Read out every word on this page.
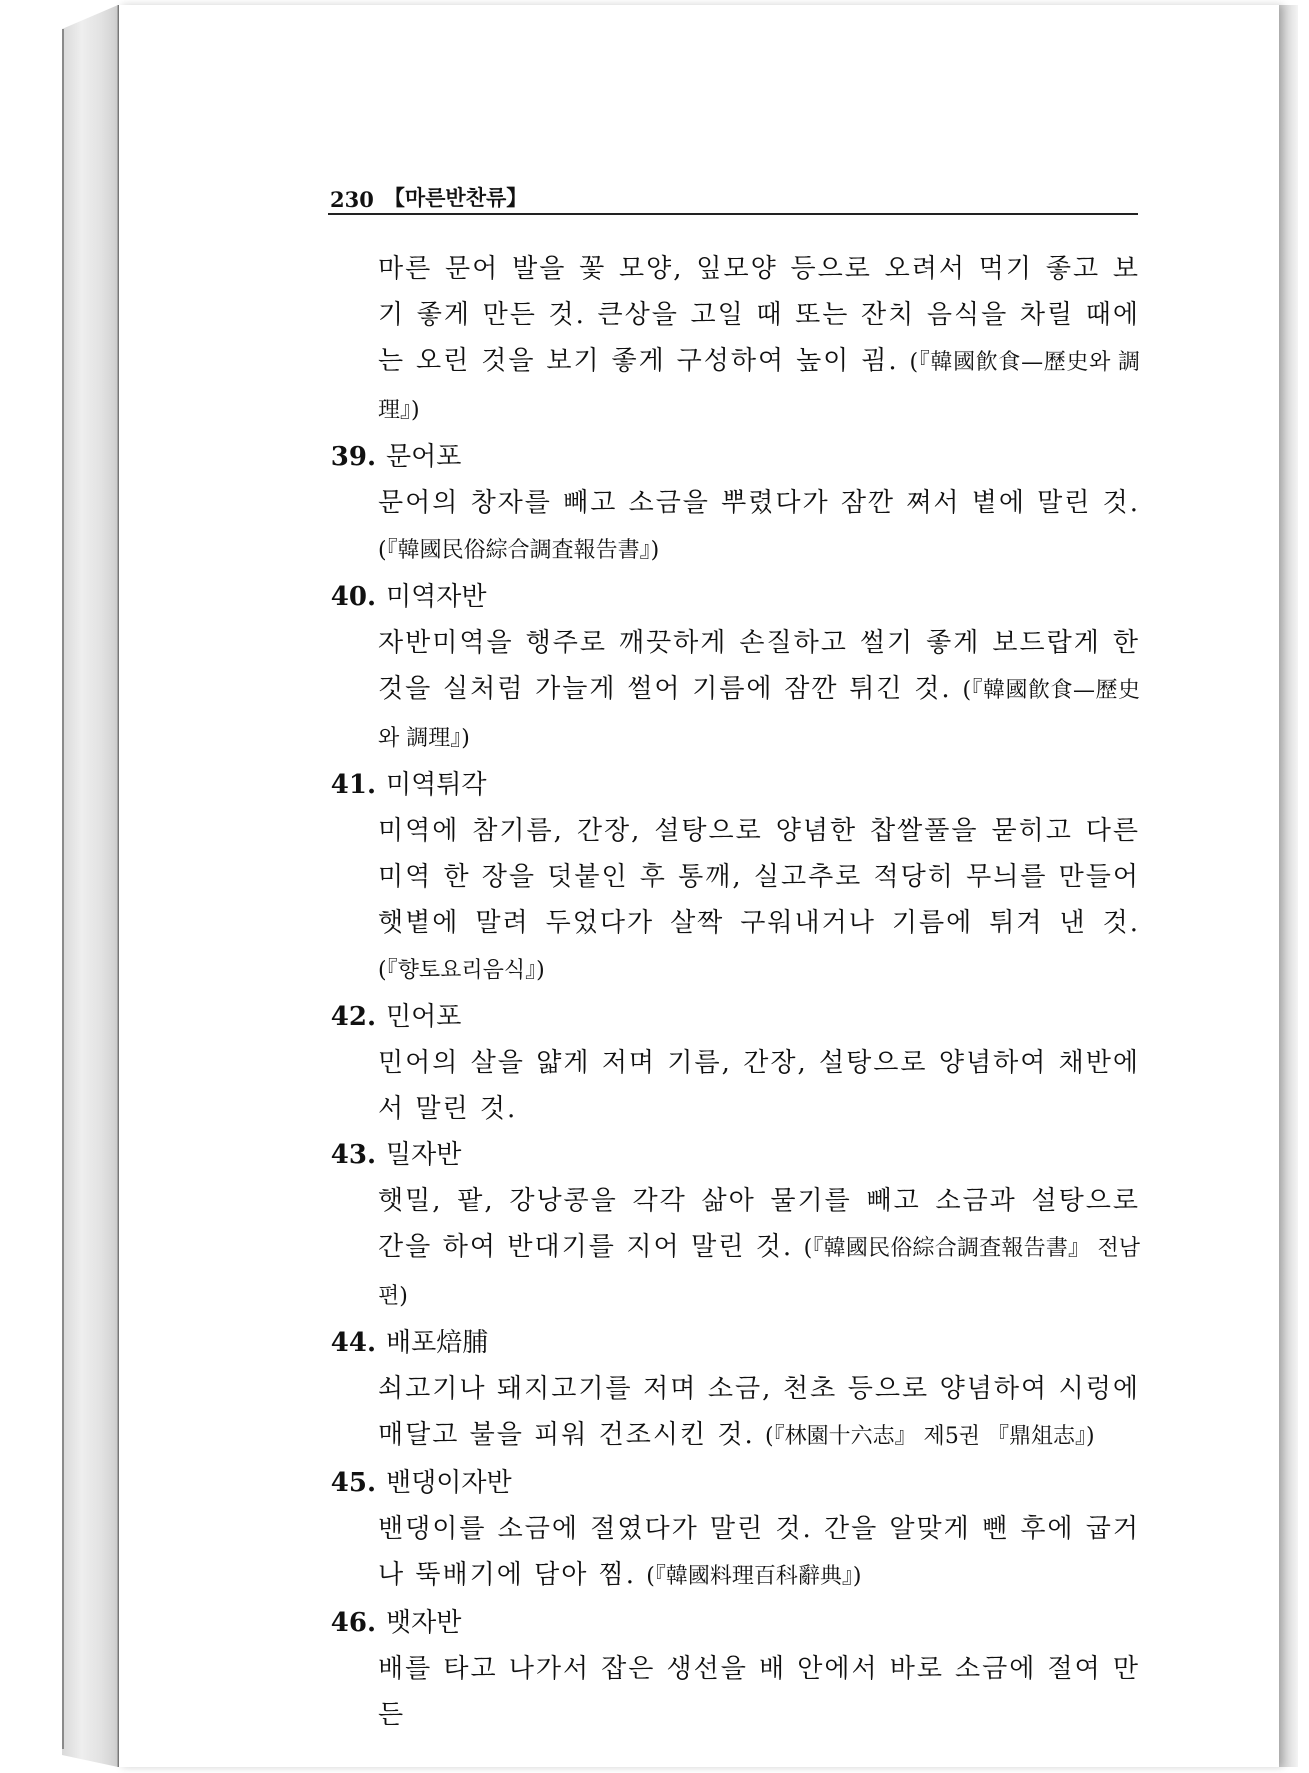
230 【마른반찬류】
마른 문어 발을 꽃 모양, 잎모양 등으로 오려서 먹기 좋고 보기 좋게 만든 것. 큰상을 고일 때 또는 잔치 음식을 차릴 때에는 오린 것을 보기 좋게 구성하여 높이 굄. (『韓國飮食—歷史와 調理』)
39. 문어포
문어의 창자를 빼고 소금을 뿌렸다가 잠깐 쪄서 볕에 말린 것. (『韓國民俗綜合調査報告書』)
40. 미역자반
자반미역을 행주로 깨끗하게 손질하고 썰기 좋게 보드랍게 한 것을 실처럼 가늘게 썰어 기름에 잠깐 튀긴 것. (『韓國飮食—歷史와 調理』)
41. 미역튀각
미역에 참기름, 간장, 설탕으로 양념한 찹쌀풀을 묻히고 다른 미역 한 장을 덧붙인 후 통깨, 실고추로 적당히 무늬를 만들어 햇볕에 말려 두었다가 살짝 구워내거나 기름에 튀겨 낸 것. (『향토요리음식』)
42. 민어포
민어의 살을 얇게 저며 기름, 간장, 설탕으로 양념하여 채반에서 말린 것.
43. 밀자반
햇밀, 팥, 강낭콩을 각각 삶아 물기를 빼고 소금과 설탕으로 간을 하여 반대기를 지어 말린 것. (『韓國民俗綜合調査報告書』 전남편)
44. 배포焙脯
쇠고기나 돼지고기를 저며 소금, 천초 등으로 양념하여 시렁에 매달고 불을 피워 건조시킨 것. (『林園十六志』 제5권 『鼎俎志』)
45. 밴댕이자반
밴댕이를 소금에 절였다가 말린 것. 간을 알맞게 뺀 후에 굽거나 뚝배기에 담아 찜. (『韓國料理百科辭典』)
46. 뱃자반
배를 타고 나가서 잡은 생선을 배 안에서 바로 소금에 절여 만든
